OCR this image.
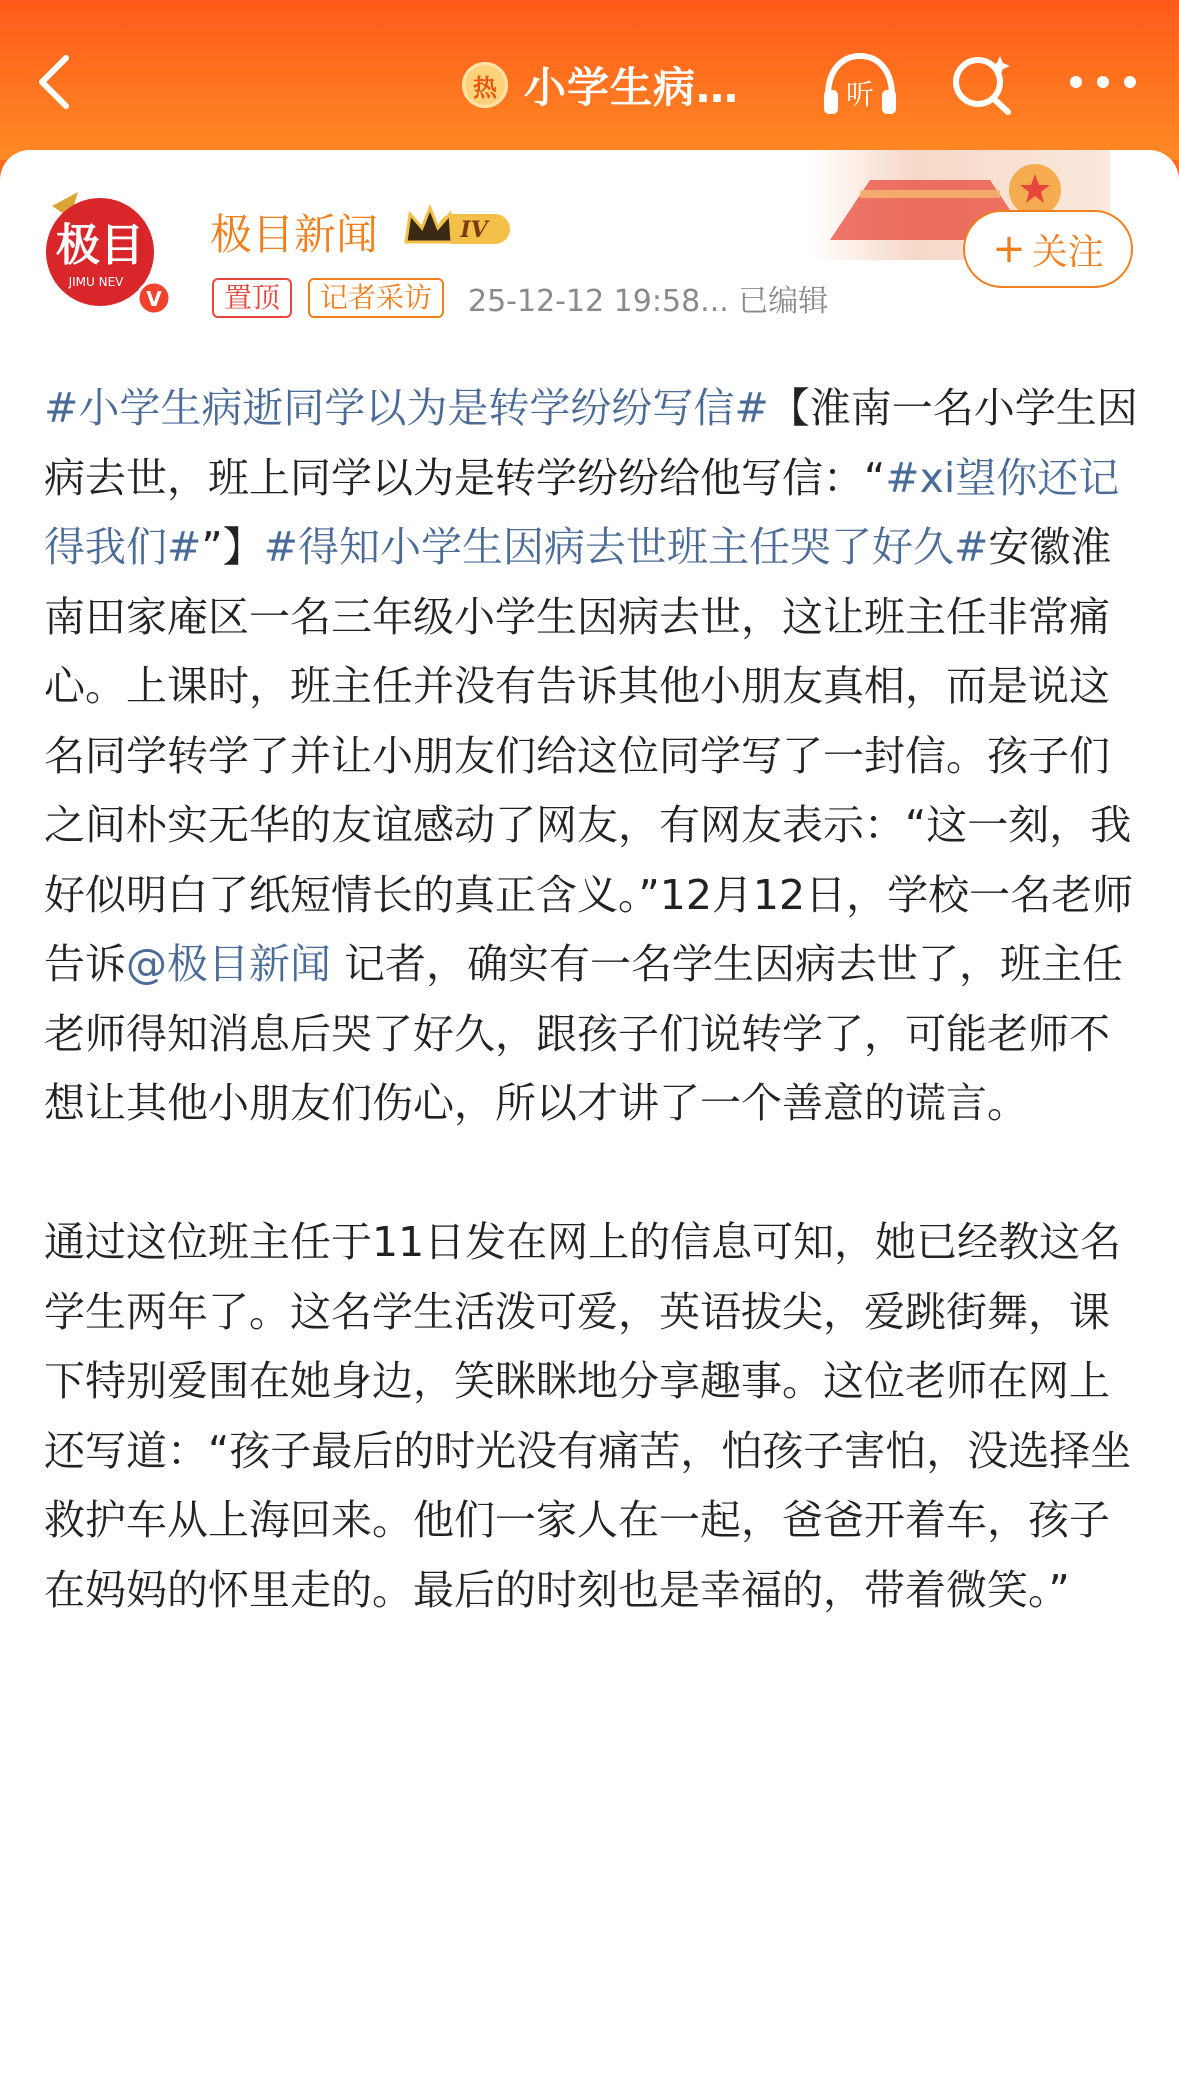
热 小学生病…	听
极目
JIMU NEV
V
极目新闻	IV
置顶	记者采访	25-12-12 19:58... 已编辑
+ 关注

#小学生病逝同学以为是转学纷纷写信#【淮南一名小学生因病去世，班上同学以为是转学纷纷给他写信：“#xi望你还记得我们#”】#得知小学生因病去世班主任哭了好久#安徽淮南田家庵区一名三年级小学生因病去世，这让班主任非常痛心。上课时，班主任并没有告诉其他小朋友真相，而是说这名同学转学了并让小朋友们给这位同学写了一封信。孩子们之间朴实无华的友谊感动了网友，有网友表示：“这一刻，我好似明白了纸短情长的真正含义。”12月12日，学校一名老师告诉@极目新闻 记者，确实有一名学生因病去世了，班主任老师得知消息后哭了好久，跟孩子们说转学了，可能老师不想让其他小朋友们伤心，所以才讲了一个善意的谎言。

通过这位班主任于11日发在网上的信息可知，她已经教这名学生两年了。这名学生活泼可爱，英语拔尖，爱跳街舞，课下特别爱围在她身边，笑眯眯地分享趣事。这位老师在网上还写道：“孩子最后的时光没有痛苦，怕孩子害怕，没选择坐救护车从上海回来。他们一家人在一起，爸爸开着车，孩子在妈妈的怀里走的。最后的时刻也是幸福的，带着微笑。”
